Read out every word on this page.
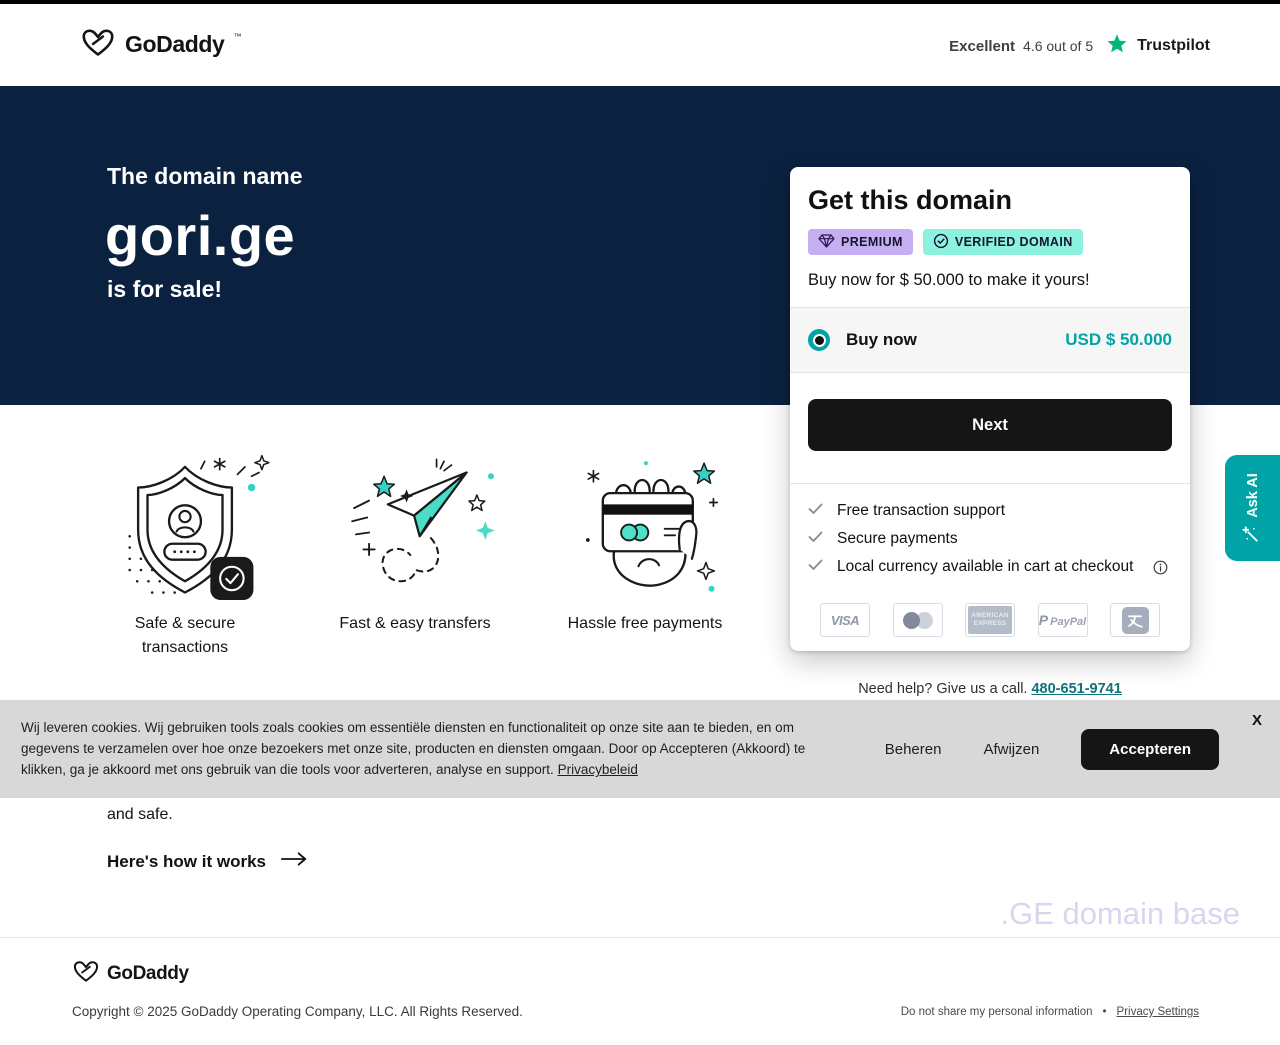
GoDaddy ™
Excellent 4.6 out of 5	Trustpilot
The domain name
gori.ge
is for sale!
Safe & secure transactions
Fast & easy transfers	Hassle free payments
Get this domain
PREMIUM	VERIFIED DOMAIN
Buy now for $ 50.000 to make it yours!
Buy now	USD $ 50.000
Next
Free transaction support
Secure payments
Local currency available in cart at checkout
VISA	AMERICAN
EXPRESS P PayPal
Need help? Give us a call. 480-651-9741
and safe.
Here's how it works
.GE domain base
Wij leveren cookies. Wij gebruiken tools zoals cookies om essentiële diensten en functionaliteit op onze site aan te bieden, en om gegevens te verzamelen over hoe onze bezoekers met onze site, producten en diensten omgaan. Door op Accepteren (Akkoord) te klikken, ga je akkoord met ons gebruik van die tools voor adverteren, analyse en support. Privacybeleid
Beheren	Afwijzen	Accepteren
X
GoDaddy
Copyright © 2025 GoDaddy Operating Company, LLC. All Rights Reserved.	Do not share my personal information • Privacy Settings
Ask AI
